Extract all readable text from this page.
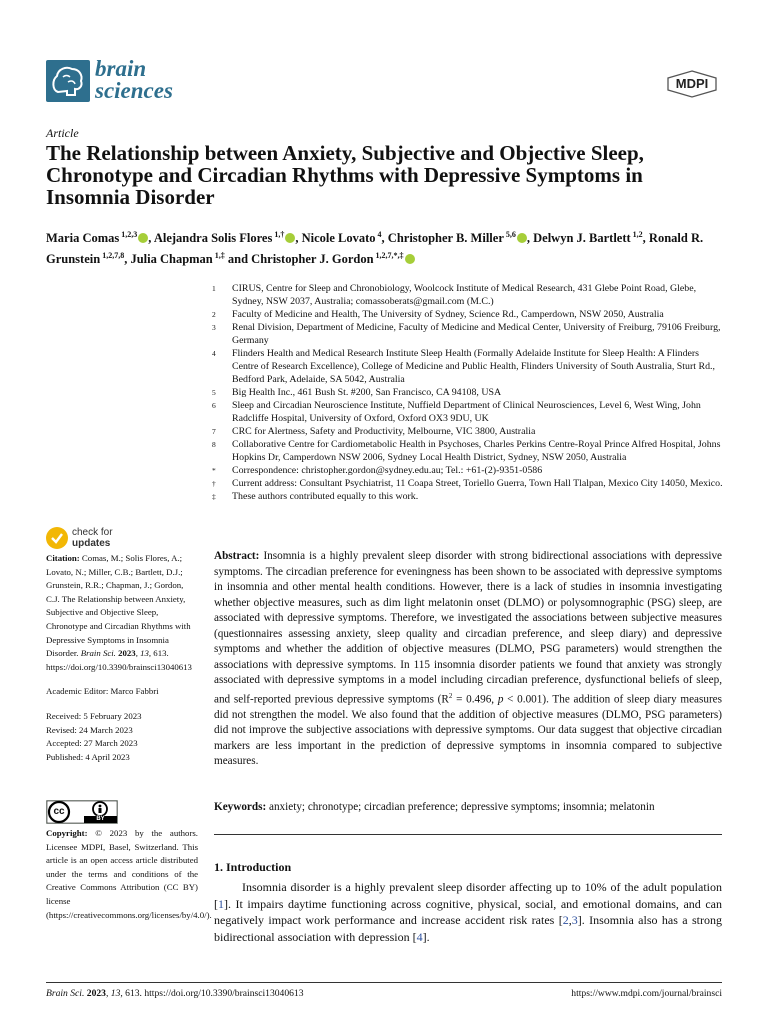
brain
sciences	MDPI
Article
The Relationship between Anxiety, Subjective and Objective Sleep, Chronotype and Circadian Rhythms with Depressive Symptoms in Insomnia Disorder
Maria Comas $^{1,2,3}$ , Alejandra Solis Flores $^{1,\dagger}$ , Nicole Lovato $^4$, Christopher B. Miller $^{5,6}$ , Delwyn J. Bartlett $^{1,2}$, Ronald R. Grunstein $^{1,2,7,8}$, Julia Chapman $^{1,\ddagger}$ and Christopher J. Gordon $^{1,2,7,*,\ddagger}$
1	CIRUS, Centre for Sleep and Chronobiology, Woolcock Institute of Medical Research, 431 Glebe Point Road, Glebe, Sydney, NSW 2037, Australia; comassoberats@gmail.com (M.C.)
2	Faculty of Medicine and Health, The University of Sydney, Science Rd., Camperdown, NSW 2050, Australia
3	Renal Division, Department of Medicine, Faculty of Medicine and Medical Center, University of Freiburg, 79106 Freiburg, Germany
4	Flinders Health and Medical Research Institute Sleep Health (Formally Adelaide Institute for Sleep Health: A Flinders Centre of Research Excellence), College of Medicine and Public Health, Flinders University of South Australia, Sturt Rd., Bedford Park, Adelaide, SA 5042, Australia
5	Big Health Inc., 461 Bush St. #200, San Francisco, CA 94108, USA
6	Sleep and Circadian Neuroscience Institute, Nuffield Department of Clinical Neurosciences, Level 6, West Wing, John Radcliffe Hospital, University of Oxford, Oxford OX3 9DU, UK
7	CRC for Alertness, Safety and Productivity, Melbourne, VIC 3800, Australia
8	Collaborative Centre for Cardiometabolic Health in Psychoses, Charles Perkins Centre-Royal Prince Alfred Hospital, Johns Hopkins Dr, Camperdown NSW 2006, Sydney Local Health District, Sydney, NSW 2050, Australia
*	Correspondence: christopher.gordon@sydney.edu.au; Tel.: +61-(2)-9351-0586
†	Current address: Consultant Psychiatrist, 11 Coapa Street, Toriello Guerra, Town Hall Tlalpan, Mexico City 14050, Mexico.
‡	These authors contributed equally to this work.
check for
updates
Citation: Comas, M.; Solis Flores, A.; Lovato, N.; Miller, C.B.; Bartlett, D.J.; Grunstein, R.R.; Chapman, J.; Gordon, C.J. The Relationship between Anxiety, Subjective and Objective Sleep, Chronotype and Circadian Rhythms with Depressive Symptoms in Insomnia Disorder. Brain Sci. 2023, 13, 613. https://doi.org/10.3390/brainsci13040613
Academic Editor: Marco Fabbri
Received: 5 February 2023
Revised: 24 March 2023
Accepted: 27 March 2023
Published: 4 April 2023
cc
BY
Copyright: © 2023 by the authors. Licensee MDPI, Basel, Switzerland. This article is an open access article distributed under the terms and conditions of the Creative Commons Attribution (CC BY) license (https://creativecommons.org/licenses/by/4.0/).
Abstract: Insomnia is a highly prevalent sleep disorder with strong bidirectional associations with depressive symptoms. The circadian preference for eveningness has been shown to be associated with depressive symptoms in insomnia and other mental health conditions. However, there is a lack of studies in insomnia investigating whether objective measures, such as dim light melatonin onset (DLMO) or polysomnographic (PSG) sleep, are associated with depressive symptoms. Therefore, we investigated the associations between subjective measures (questionnaires assessing anxiety, sleep quality and circadian preference, and sleep diary) and depressive symptoms and whether the addition of objective measures (DLMO, PSG parameters) would strengthen the associations with depressive symptoms. In 115 insomnia disorder patients we found that anxiety was strongly associated with depressive symptoms in a model including circadian preference, dysfunctional beliefs of sleep, and self-reported previous depressive symptoms ($R^2 = 0.496$, p < 0.001). The addition of sleep diary measures did not strengthen the model. We also found that the addition of objective measures (DLMO, PSG parameters) did not improve the subjective associations with depressive symptoms. Our data suggest that objective circadian markers are less important in the prediction of depressive symptoms in insomnia compared to subjective measures.
Keywords: anxiety; chronotype; circadian preference; depressive symptoms; insomnia; melatonin
1. Introduction
Insomnia disorder is a highly prevalent sleep disorder affecting up to 10% of the adult population [1]. It impairs daytime functioning across cognitive, physical, social, and emotional domains, and can negatively impact work performance and increase accident risk rates [2,3]. Insomnia also has a strong bidirectional association with depression [4].
Brain Sci. 2023, 13, 613. https://doi.org/10.3390/brainsci13040613	https://www.mdpi.com/journal/brainsci
